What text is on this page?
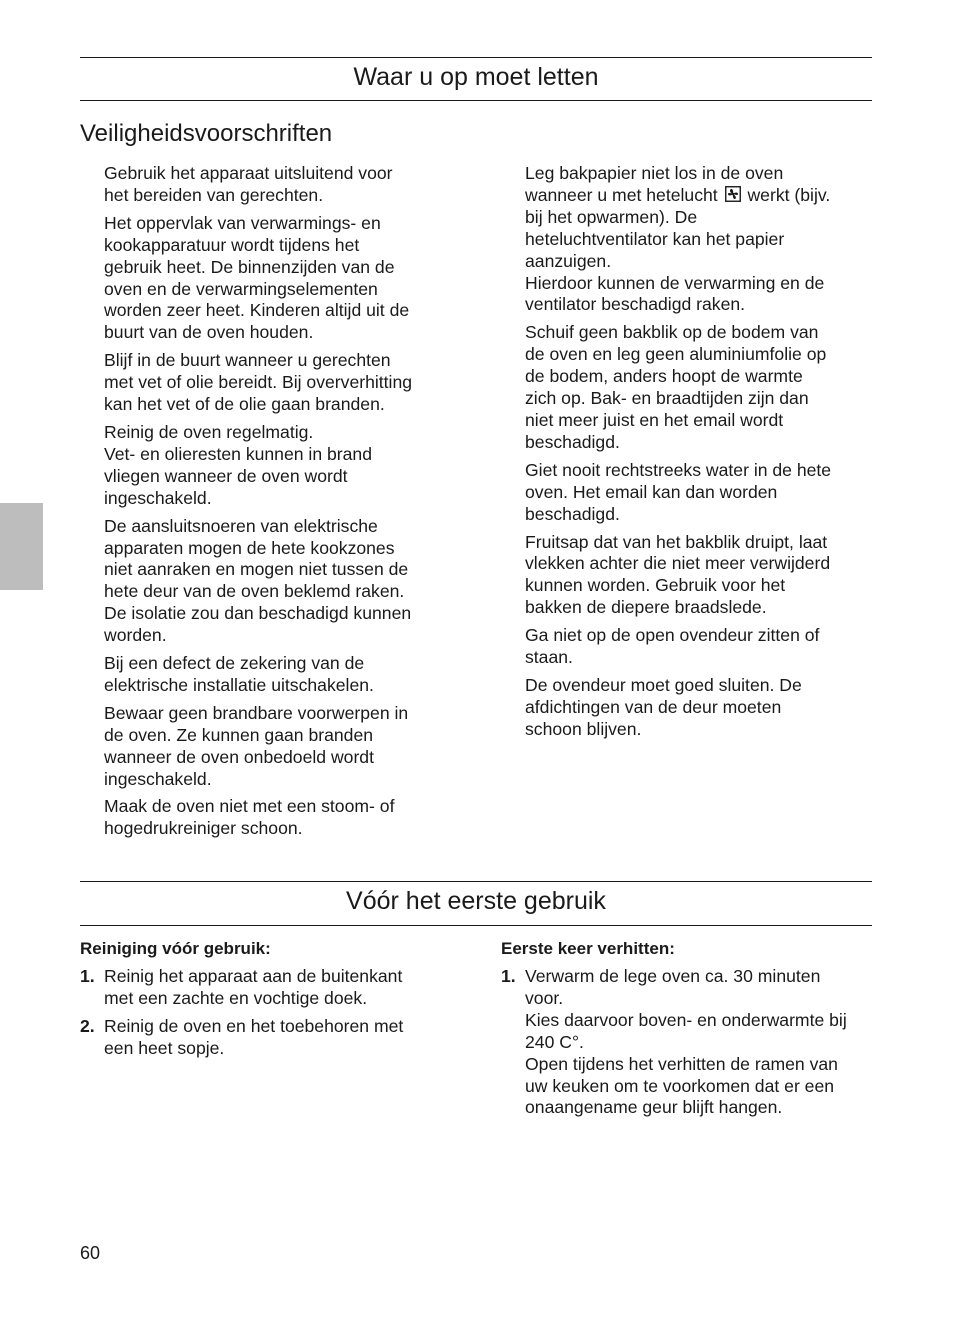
Waar u op moet letten
Veiligheidsvoorschriften

Gebruik het apparaat uitsluitend voor
het bereiden van gerechten.

Het oppervlak van verwarmings- en
kookapparatuur wordt tijdens het
gebruik heet. De binnenzijden van de
oven en de verwarmingselementen
worden zeer heet. Kinderen altijd uit de
buurt van de oven houden.

Blijf in de buurt wanneer u gerechten
met vet of olie bereidt. Bij oververhitting
kan het vet of de olie gaan branden.

Reinig de oven regelmatig.
Vet- en olieresten kunnen in brand
vliegen wanneer de oven wordt
ingeschakeld.

De aansluitsnoeren van elektrische
apparaten mogen de hete kookzones
niet aanraken en mogen niet tussen de
hete deur van de oven beklemd raken.
De isolatie zou dan beschadigd kunnen
worden.

Bij een defect de zekering van de
elektrische installatie uitschakelen.

Bewaar geen brandbare voorwerpen in
de oven. Ze kunnen gaan branden
wanneer de oven onbedoeld wordt
ingeschakeld.

Maak de oven niet met een stoom- of
hogedrukreiniger schoon.

Leg bakpapier niet los in de oven
wanneer u met hetelucht werkt (bijv.
bij het opwarmen). De
heteluchtventilator kan het papier
aanzuigen.
Hierdoor kunnen de verwarming en de
ventilator beschadigd raken.

Schuif geen bakblik op de bodem van
de oven en leg geen aluminiumfolie op
de bodem, anders hoopt de warmte
zich op. Bak- en braadtijden zijn dan
niet meer juist en het email wordt
beschadigd.

Giet nooit rechtstreeks water in de hete
oven. Het email kan dan worden
beschadigd.

Fruitsap dat van het bakblik druipt, laat
vlekken achter die niet meer verwijderd
kunnen worden. Gebruik voor het
bakken de diepere braadslede.

Ga niet op de open ovendeur zitten of
staan.

De ovendeur moet goed sluiten. De
afdichtingen van de deur moeten
schoon blijven.

Vóór het eerste gebruik
Reiniging vóór gebruik:
1. Reinig het apparaat aan de buitenkant
met een zachte en vochtige doek.
2. Reinig de oven en het toebehoren met
een heet sopje.
Eerste keer verhitten:
1. Verwarm de lege oven ca. 30 minuten
voor.
Kies daarvoor boven- en onderwarmte bij
240 C°.
Open tijdens het verhitten de ramen van
uw keuken om te voorkomen dat er een
onaangename geur blijft hangen.
60
